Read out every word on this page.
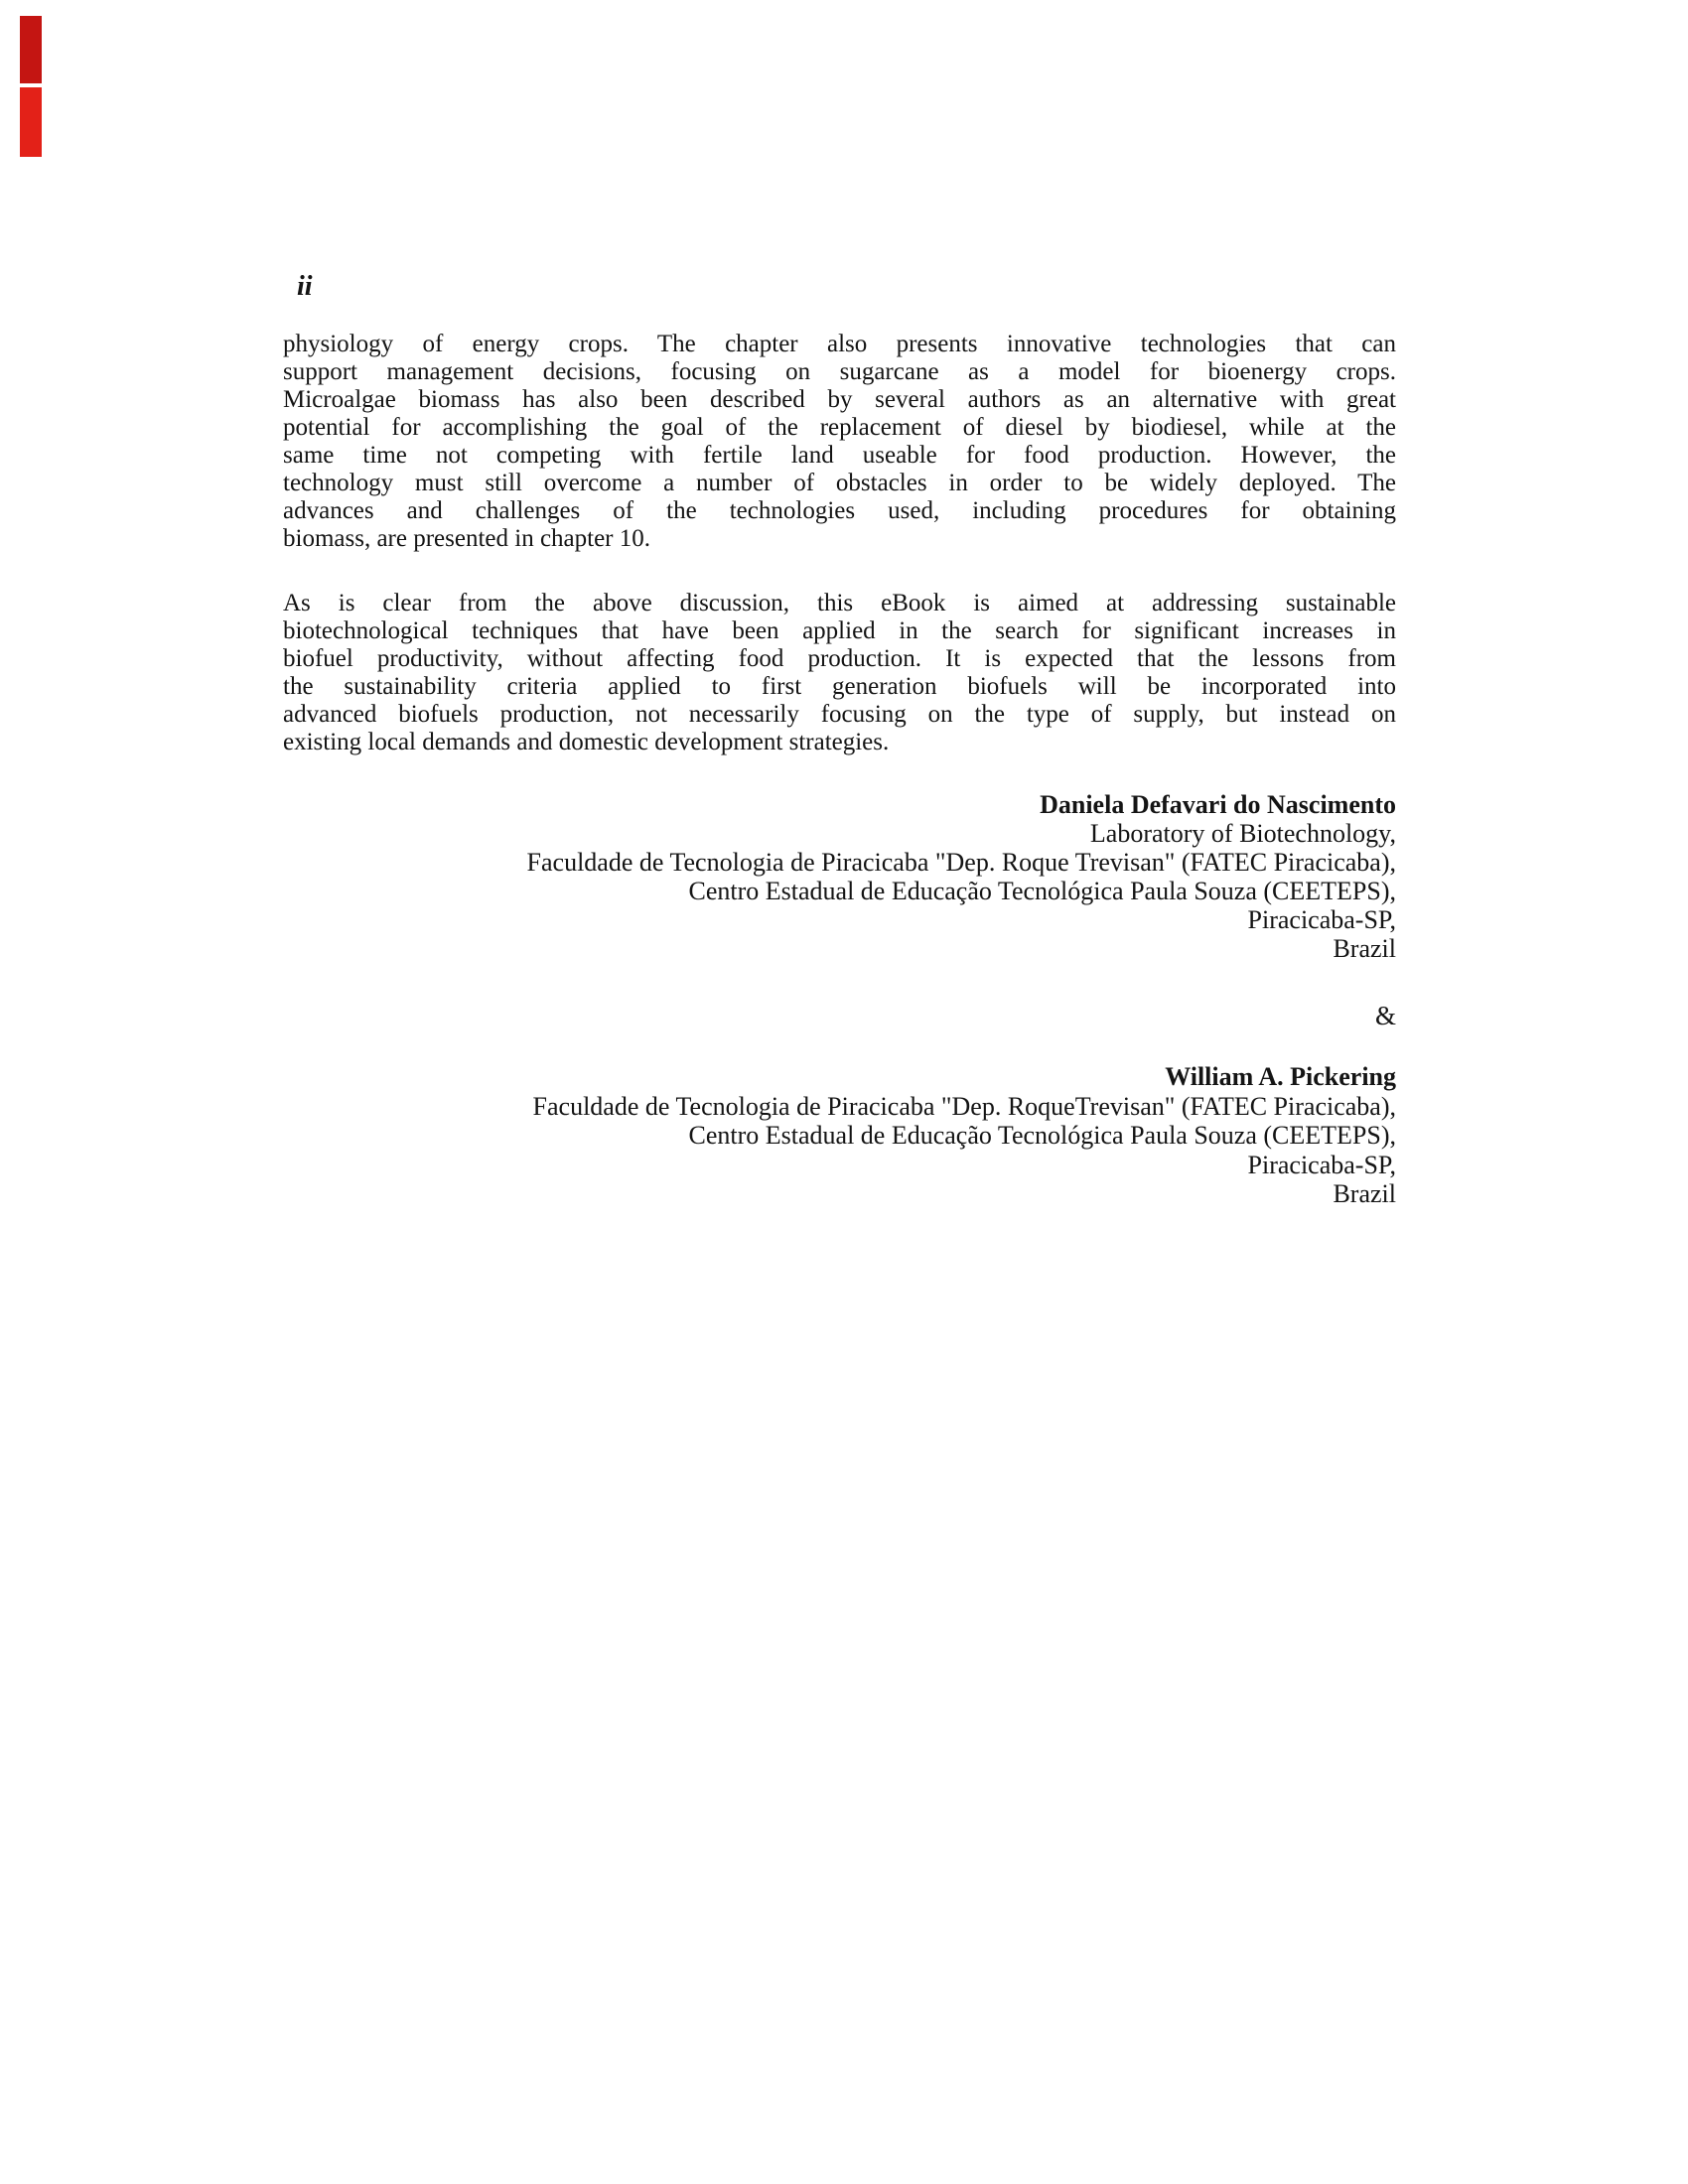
ii
physiology of energy crops. The chapter also presents innovative technologies that can
support management decisions, focusing on sugarcane as a model for bioenergy crops.
Microalgae biomass has also been described by several authors as an alternative with great
potential for accomplishing the goal of the replacement of diesel by biodiesel, while at the
same time not competing with fertile land useable for food production. However, the
technology must still overcome a number of obstacles in order to be widely deployed. The
advances and challenges of the technologies used, including procedures for obtaining
biomass, are presented in chapter 10.
As is clear from the above discussion, this eBook is aimed at addressing sustainable
biotechnological techniques that have been applied in the search for significant increases in
biofuel productivity, without affecting food production. It is expected that the lessons from
the sustainability criteria applied to first generation biofuels will be incorporated into
advanced biofuels production, not necessarily focusing on the type of supply, but instead on
existing local demands and domestic development strategies.
Daniela Defavari do Nascimento
Laboratory of Biotechnology,
Faculdade de Tecnologia de Piracicaba "Dep. Roque Trevisan" (FATEC Piracicaba),
Centro Estadual de Educação Tecnológica Paula Souza (CEETEPS),
Piracicaba-SP,
Brazil
&
William A. Pickering
Faculdade de Tecnologia de Piracicaba "Dep. RoqueTrevisan" (FATEC Piracicaba),
Centro Estadual de Educação Tecnológica Paula Souza (CEETEPS),
Piracicaba-SP,
Brazil
